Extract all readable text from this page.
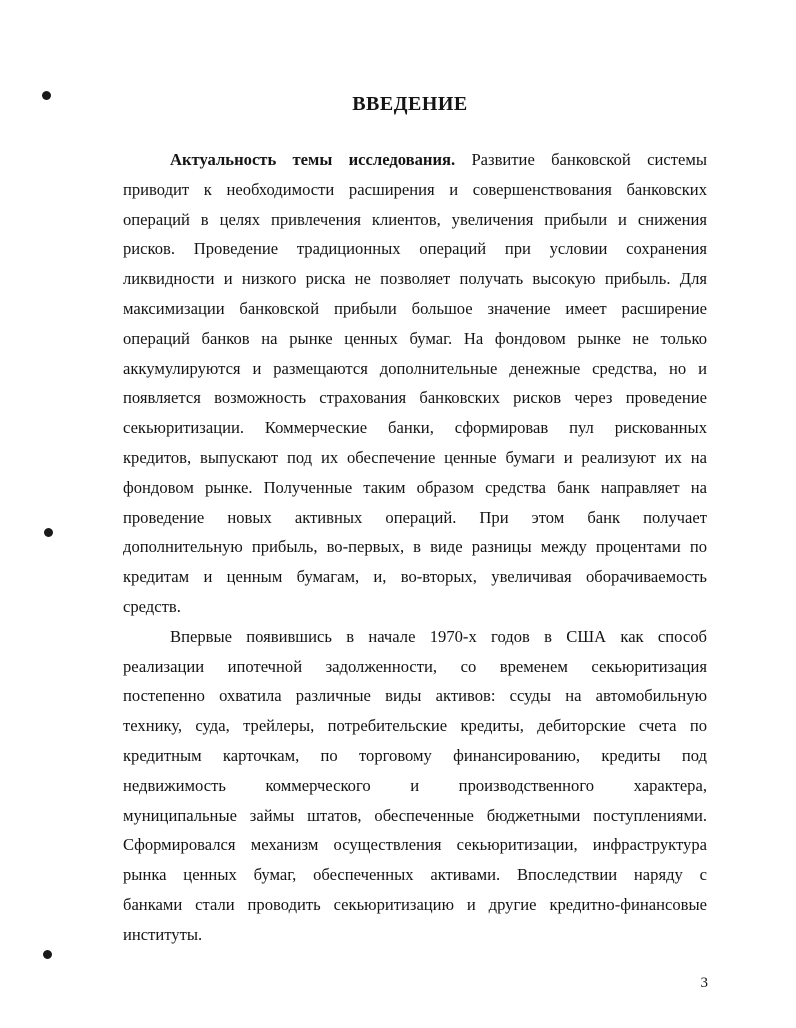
ВВЕДЕНИЕ
Актуальность темы исследования. Развитие банковской системы
приводит к необходимости расширения и совершенствования банковских
операций в целях привлечения клиентов, увеличения прибыли и снижения
рисков. Проведение традиционных операций при условии сохранения
ликвидности и низкого риска не позволяет получать высокую прибыль. Для
максимизации банковской прибыли большое значение имеет расширение
операций банков на рынке ценных бумаг. На фондовом рынке не только
аккумулируются и размещаются дополнительные денежные средства, но и
появляется возможность страхования банковских рисков через проведение
секьюритизации. Коммерческие банки, сформировав пул рискованных
кредитов, выпускают под их обеспечение ценные бумаги и реализуют их на
фондовом рынке. Полученные таким образом средства банк направляет на
проведение новых активных операций. При этом банк получает
дополнительную прибыль, во-первых, в виде разницы между процентами по
кредитам и ценным бумагам, и, во-вторых, увеличивая оборачиваемость
средств.
Впервые появившись в начале 1970-х годов в США как способ
реализации ипотечной задолженности, со временем секьюритизация
постепенно охватила различные виды активов: ссуды на автомобильную
технику, суда, трейлеры, потребительские кредиты, дебиторские счета по
кредитным карточкам, по торговому финансированию, кредиты под
недвижимость коммерческого и производственного характера,
муниципальные займы штатов, обеспеченные бюджетными поступлениями.
Сформировался механизм осуществления секьюритизации, инфраструктура
рынка ценных бумаг, обеспеченных активами. Впоследствии наряду с
банками стали проводить секьюритизацию и другие кредитно-финансовые
институты.
3
